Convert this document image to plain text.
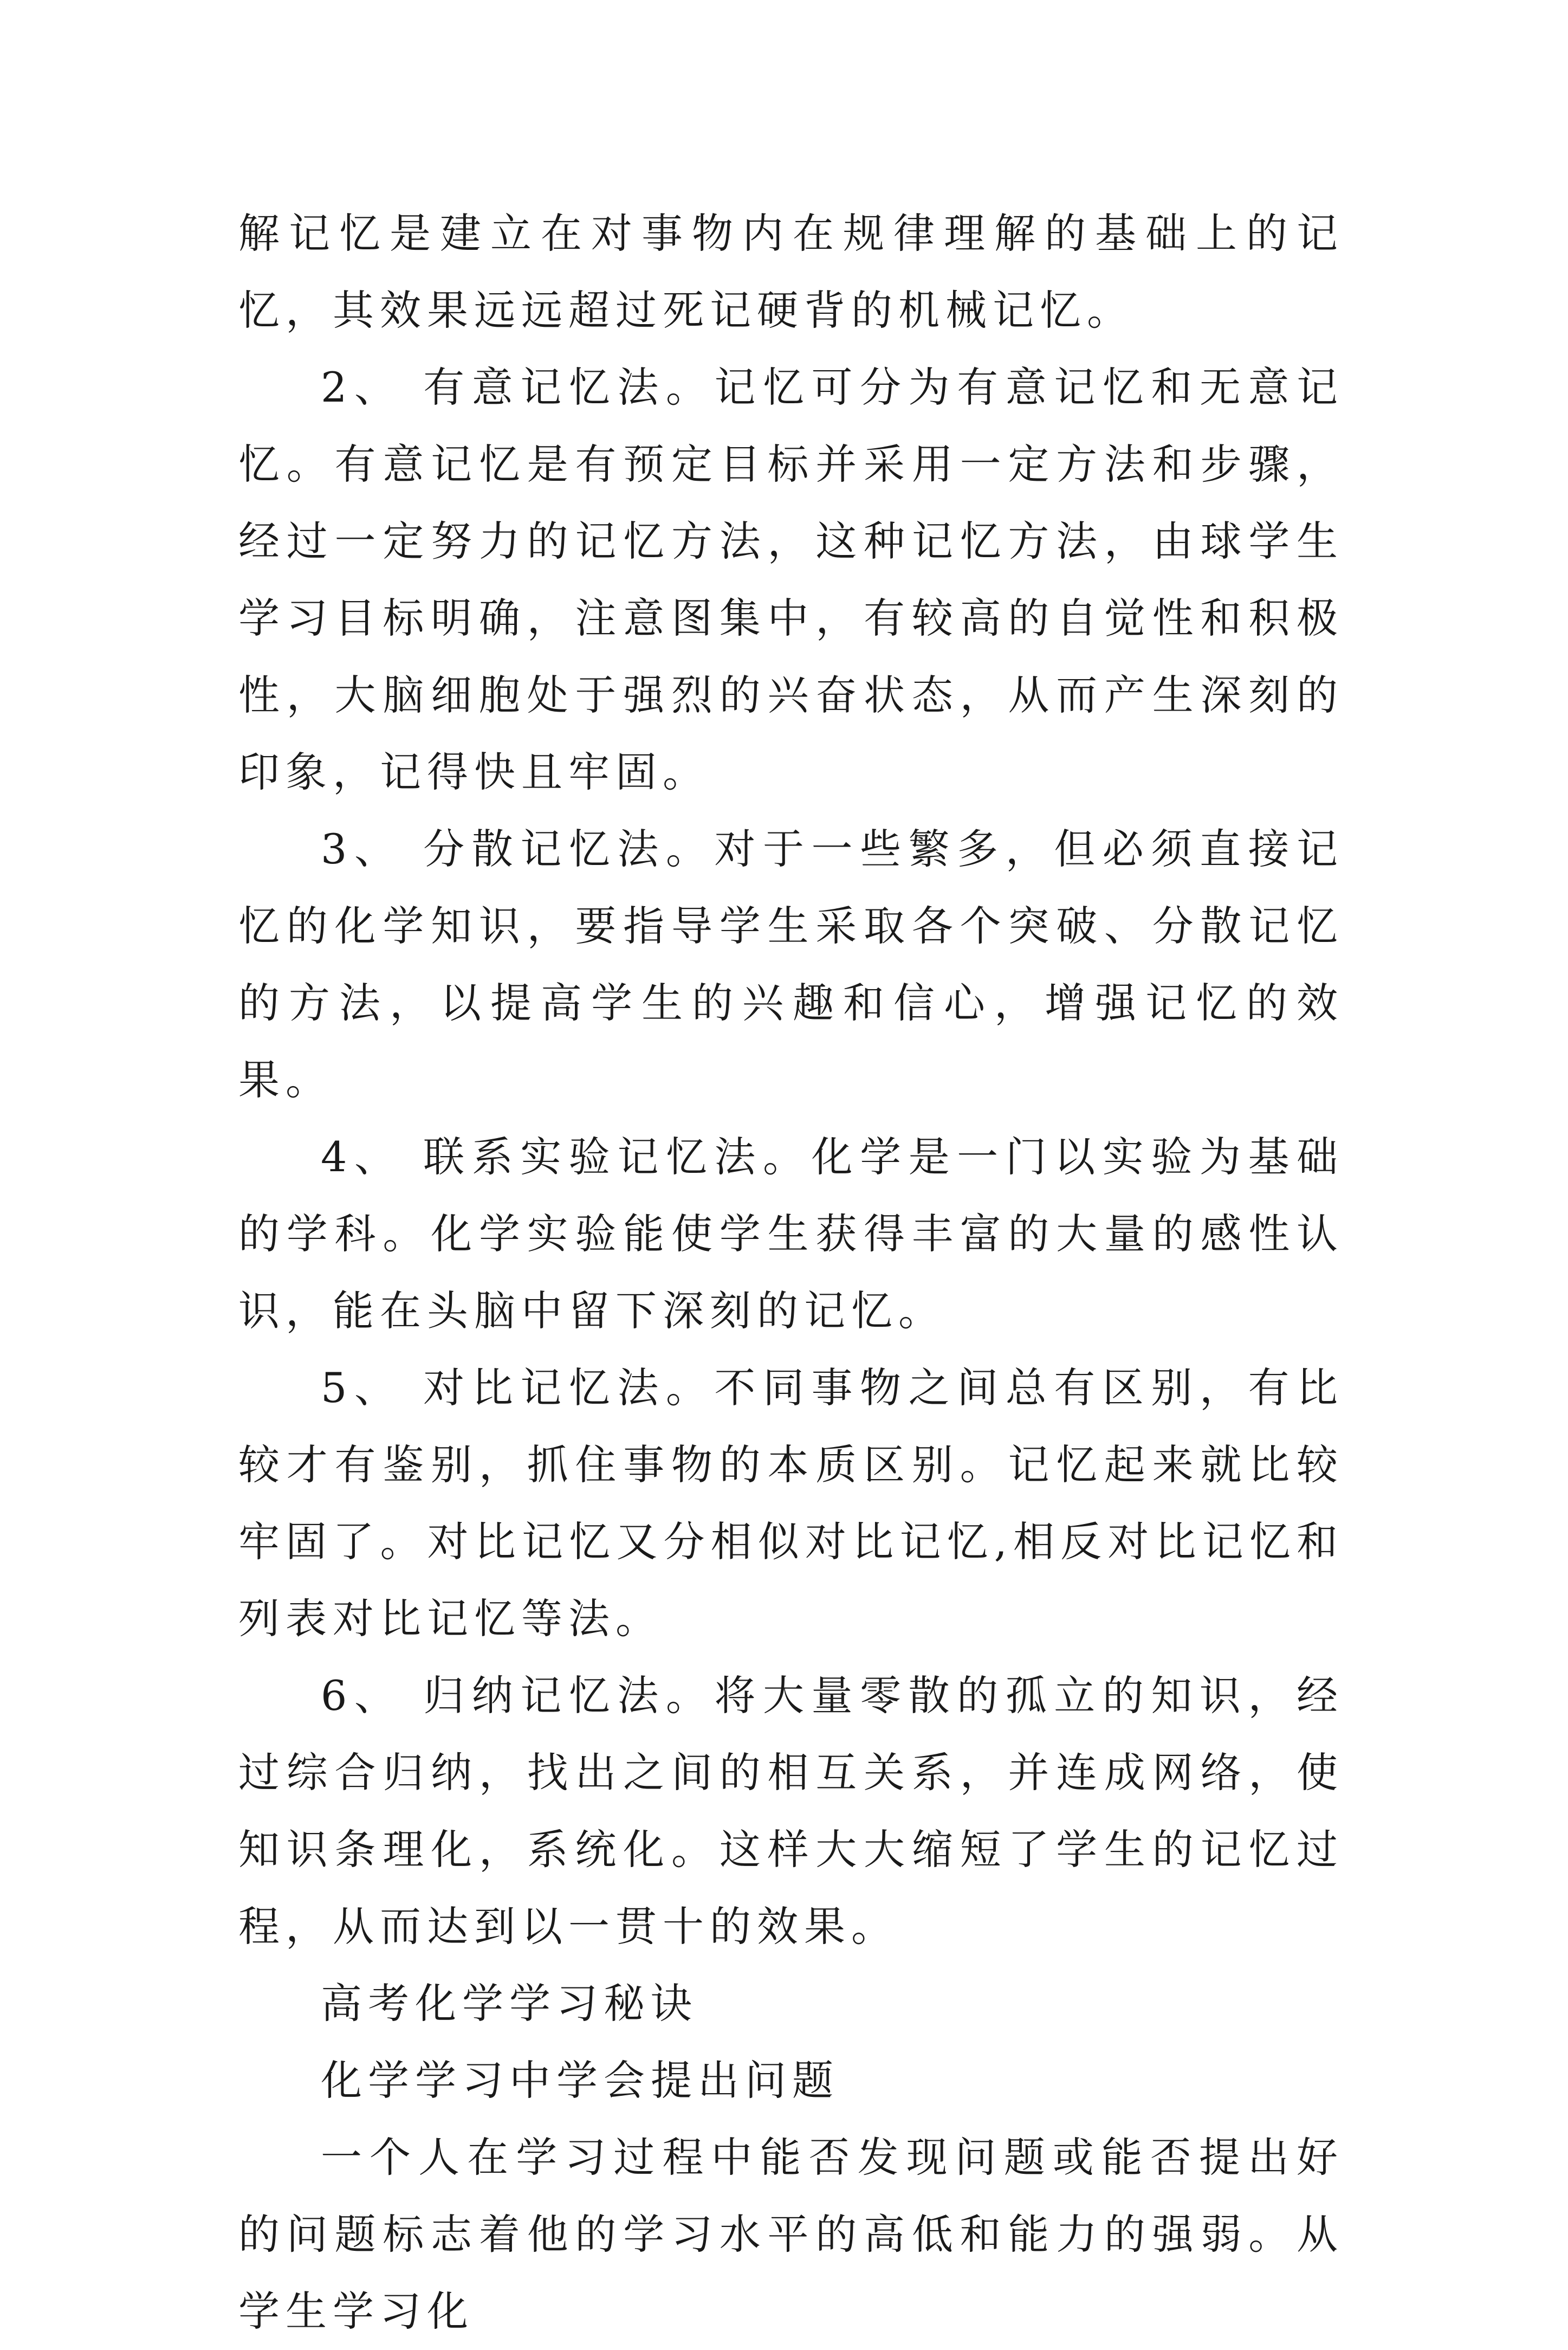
解记忆是建立在对事物内在规律理解的基础上的记忆，其效果远远超过死记硬背的机械记忆。

2、 有意记忆法。记忆可分为有意记忆和无意记忆。有意记忆是有预定目标并采用一定方法和步骤，经过一定努力的记忆方法，这种记忆方法，由球学生学习目标明确，注意图集中，有较高的自觉性和积极性，大脑细胞处于强烈的兴奋状态，从而产生深刻的印象，记得快且牢固。

3、 分散记忆法。对于一些繁多，但必须直接记忆的化学知识，要指导学生采取各个突破、分散记忆的方法，以提高学生的兴趣和信心，增强记忆的效果。

4、 联系实验记忆法。化学是一门以实验为基础的学科。化学实验能使学生获得丰富的大量的感性认识，能在头脑中留下深刻的记忆。

5、 对比记忆法。不同事物之间总有区别，有比较才有鉴别，抓住事物的本质区别。记忆起来就比较牢固了。对比记忆又分相似对比记忆,相反对比记忆和列表对比记忆等法。

6、 归纳记忆法。将大量零散的孤立的知识，经过综合归纳，找出之间的相互关系，并连成网络，使知识条理化，系统化。这样大大缩短了学生的记忆过程，从而达到以一贯十的效果。

高考化学学习秘诀

化学学习中学会提出问题

一个人在学习过程中能否发现问题或能否提出好的问题标志着他的学习水平的高低和能力的强弱。从学生学习化
